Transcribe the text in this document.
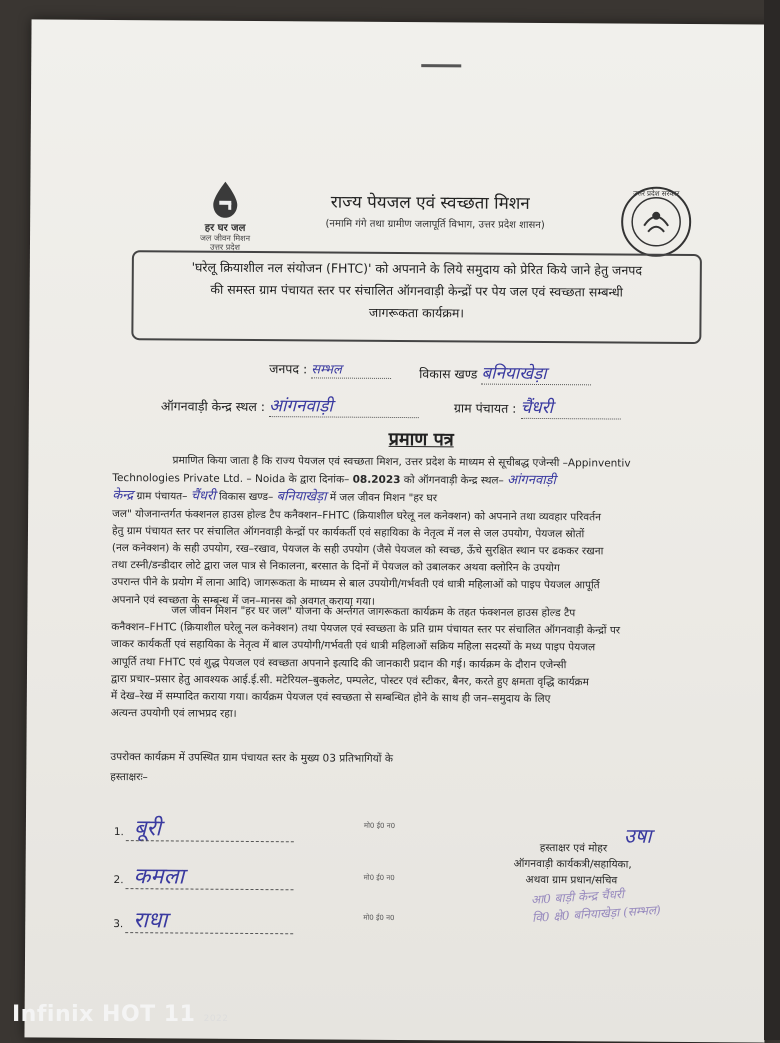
हर घर जल
जल जीवन मिशन
उत्तर प्रदेश
राज्य पेयजल एवं स्वच्छता मिशन
(नमामि गंगे तथा ग्रामीण जलापूर्ति विभाग, उत्तर प्रदेश शासन)
उत्तर प्रदेश सरकार
'घरेलू क्रियाशील नल संयोजन (FHTC)' को अपनाने के लिये समुदाय को प्रेरित किये जाने हेतु जनपद
की समस्त ग्राम पंचायत स्तर पर संचालित ऑगनवाड़ी केन्द्रों पर पेय जल एवं स्वच्छता सम्बन्धी
जागरूकता कार्यक्रम।
जनपद : सम्भल	विकास खण्ड बनियाखेड़ा
ऑगनवाड़ी केन्द्र स्थल : आंगनवाड़ी	ग्राम पंचायत : चैंधरी
प्रमाण पत्र
प्रमाणित किया जाता है कि राज्य पेयजल एवं स्वच्छता मिशन, उत्तर प्रदेश के माध्यम से सूचीबद्ध एजेन्सी –Appinventiv
Technologies Private Ltd. – Noida के द्वारा दिनांक– 08.2023 को ऑगनवाड़ी केन्द्र स्थल– आंगनवाड़ी
केन्द्र ग्राम पंचायत– चैंधरी विकास खण्ड– बनियाखेड़ा में जल जीवन मिशन "हर घर
जल" योजनान्तर्गत फंक्शनल हाउस होल्ड टैप कनैक्शन–FHTC (क्रियाशील घरेलू नल कनेक्शन) को अपनाने तथा व्यवहार परिवर्तन
हेतु ग्राम पंचायत स्तर पर संचालित ऑगनवाड़ी केन्द्रों पर कार्यकर्ती एवं सहायिका के नेतृत्व में नल से जल उपयोग, पेयजल स्रोतों
(नल कनेक्शन) के सही उपयोग, रख–रखाव, पेयजल के सही उपयोग (जैसे पेयजल को स्वच्छ, ऊँचे सुरक्षित स्थान पर ढककर रखना
तथा टस्नी/डन्डीदार लोटे द्वारा जल पात्र से निकालना, बरसात के दिनों में पेयजल को उबालकर अथवा क्लोरिन के उपयोग
उपरान्त पीने के प्रयोग में लाना आदि) जागरूकता के माध्यम से बाल उपयोगी/गर्भवती एवं धात्री महिलाओं को पाइप पेयजल आपूर्ति
अपनाने एवं स्वच्छता के सम्बन्ध में जन–मानस को अवगत कराया गया।
जल जीवन मिशन "हर घर जल" योजना के अर्न्तगत जागरूकता कार्यक्रम के तहत फंक्शनल हाउस होल्ड टैप
कनैक्शन–FHTC (क्रियाशील घरेलू नल कनेक्शन) तथा पेयजल एवं स्वच्छता के प्रति ग्राम पंचायत स्तर पर संचालित ऑगनवाड़ी केन्द्रों पर
जाकर कार्यकर्ती एवं सहायिका के नेतृत्व में बाल उपयोगी/गर्भवती एवं धात्री महिलाओं सक्रिय महिला सदस्यों के मध्य पाइप पेयजल
आपूर्ति तथा FHTC एवं शुद्ध पेयजल एवं स्वच्छता अपनाने इत्यादि की जानकारी प्रदान की गई। कार्यक्रम के दौरान एजेन्सी
द्वारा प्रचार–प्रसार हेतु आवश्यक आई.ई.सी. मटेरियल–बुकलेट, पम्पलेट, पोस्टर एवं स्टीकर, बैनर, करते हुए क्षमता वृद्धि कार्यक्रम
में देख–रेख में सम्पादित कराया गया। कार्यक्रम पेयजल एवं स्वच्छता से सम्बन्धित होने के साथ ही जन–समुदाय के लिए
अत्यन्त उपयोगी एवं लाभप्रद रहा।
उपरोक्त कार्यक्रम में उपस्थित ग्राम पंचायत स्तर के मुख्य 03 प्रतिभागियों के
हस्ताक्षरः–
1. बूरी	मो0 ई0 न0
2. कमला	मो0 ई0 न0
3. राधा	मो0 ई0 न0
उषा
हस्ताक्षर एवं मोहर
ऑगनवाड़ी कार्यकत्री/सहायिका,
अथवा ग्राम प्रधान/सचिव
आ0 बाड़ी केन्द्र चैंधरी
वि0 क्षे0 बनियाखेड़ा (सम्भल)
Infinix HOT 11 2022
